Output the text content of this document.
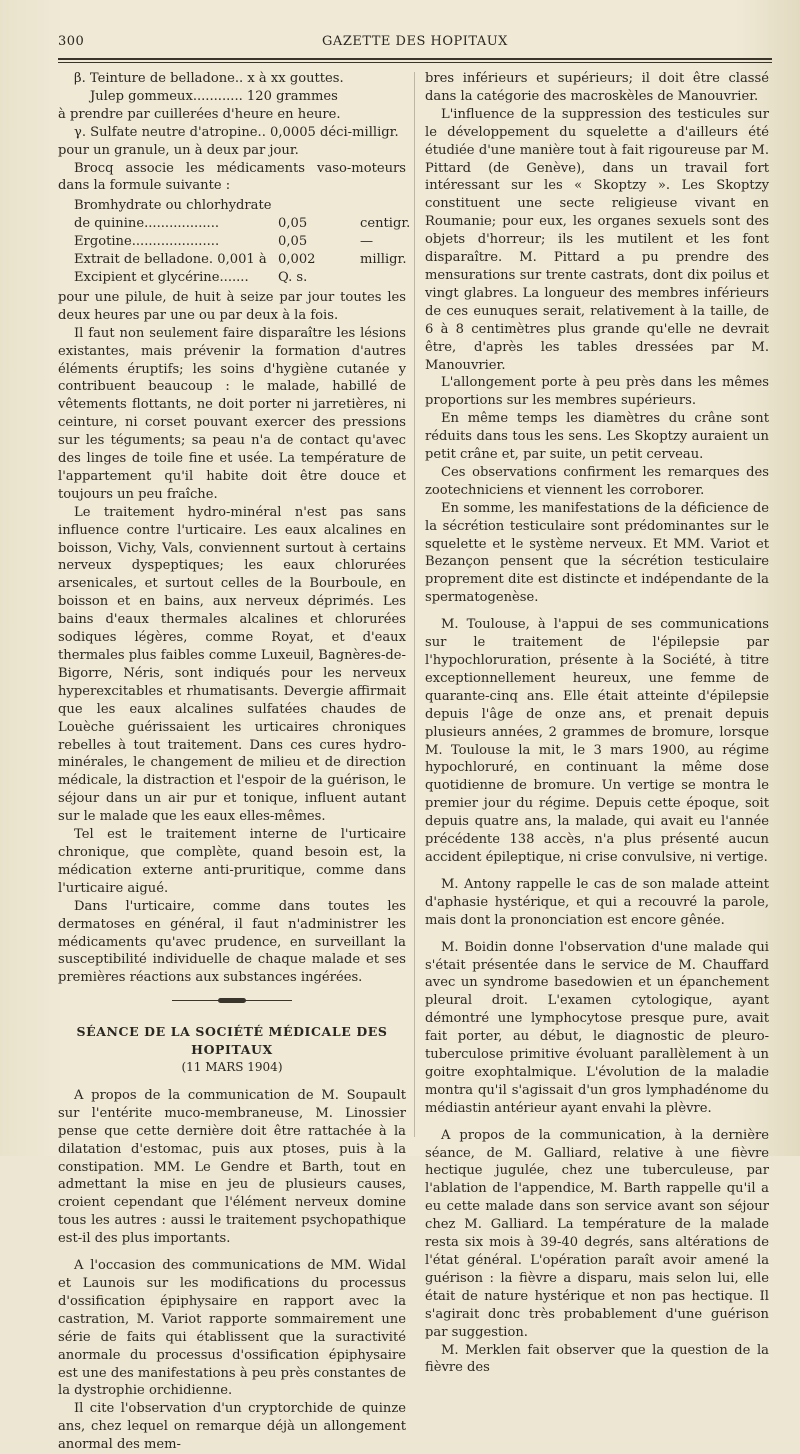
300	GAZETTE DES HOPITAUX
β. Teinture de belladone.. x à xx gouttes.
Julep gommeux............ 120 grammes
à prendre par cuillerées d'heure en heure.
γ. Sulfate neutre d'atropine.. 0,0005 déci-milligr.
pour un granule, un à deux par jour.

Brocq associe les médicaments vaso-moteurs dans la formule suivante :

Bromhydrate ou chlorhydrate
de quinine..................	0,05	centigr.
Ergotine.....................	0,05	—
Extrait de belladone. 0,001 à 0,002	milligr.
Excipient et glycérine.......	Q. s.

pour une pilule, de huit à seize par jour toutes les deux heures par une ou par deux à la fois.

Il faut non seulement faire disparaître les lésions existantes, mais prévenir la formation d'autres éléments éruptifs; les soins d'hygiène cutanée y contribuent beaucoup : le malade, habillé de vêtements flottants, ne doit porter ni jarretières, ni ceinture, ni corset pouvant exercer des pressions sur les téguments; sa peau n'a de contact qu'avec des linges de toile fine et usée. La température de l'appartement qu'il habite doit être douce et toujours un peu fraîche.

Le traitement hydro-minéral n'est pas sans influence contre l'urticaire. Les eaux alcalines en boisson, Vichy, Vals, conviennent surtout à certains nerveux dyspeptiques; les eaux chlorurées arsenicales, et surtout celles de la Bourboule, en boisson et en bains, aux nerveux déprimés. Les bains d'eaux thermales alcalines et chlorurées sodiques légères, comme Royat, et d'eaux thermales plus faibles comme Luxeuil, Bagnères-de-Bigorre, Néris, sont indiqués pour les nerveux hyperexcitables et rhumatisants. Devergie affirmait que les eaux alcalines sulfatées chaudes de Louèche guérissaient les urticaires chroniques rebelles à tout traitement. Dans ces cures hydro-minérales, le changement de milieu et de direction médicale, la distraction et l'espoir de la guérison, le séjour dans un air pur et tonique, influent autant sur le malade que les eaux elles-mêmes.

Tel est le traitement interne de l'urticaire chronique, que complète, quand besoin est, la médication externe anti-pruritique, comme dans l'urticaire aigué.

Dans l'urticaire, comme dans toutes les dermatoses en général, il faut n'administrer les médicaments qu'avec prudence, en surveillant la susceptibilité individuelle de chaque malade et ses premières réactions aux substances ingérées.

SÉANCE DE LA SOCIÉTÉ MÉDICALE DES HOPITAUX
(11 MARS 1904)

A propos de la communication de M. Soupault sur l'entérite muco-membraneuse, M. Linossier pense que cette dernière doit être rattachée à la dilatation d'estomac, puis aux ptoses, puis à la constipation. MM. Le Gendre et Barth, tout en admettant la mise en jeu de plusieurs causes, croient cependant que l'élément nerveux domine tous les autres : aussi le traitement psychopathique est-il des plus importants.

A l'occasion des communications de MM. Widal et Launois sur les modifications du processus d'ossification épiphysaire en rapport avec la castration, M. Variot rapporte sommairement une série de faits qui établissent que la suractivité anormale du processus d'ossification épiphysaire est une des manifestations à peu près constantes de la dystrophie orchidienne.

Il cite l'observation d'un cryptorchide de quinze ans, chez lequel on remarque déjà un allongement anormal des mem-

bres inférieurs et supérieurs; il doit être classé dans la catégorie des macroskèles de Manouvrier.

L'influence de la suppression des testicules sur le développement du squelette a d'ailleurs été étudiée d'une manière tout à fait rigoureuse par M. Pittard (de Genève), dans un travail fort intéressant sur les « Skoptzy ». Les Skoptzy constituent une secte religieuse vivant en Roumanie; pour eux, les organes sexuels sont des objets d'horreur; ils les mutilent et les font disparaître. M. Pittard a pu prendre des mensurations sur trente castrats, dont dix poilus et vingt glabres. La longueur des membres inférieurs de ces eunuques serait, relativement à la taille, de 6 à 8 centimètres plus grande qu'elle ne devrait être, d'après les tables dressées par M. Manouvrier.

L'allongement porte à peu près dans les mêmes proportions sur les membres supérieurs.

En même temps les diamètres du crâne sont réduits dans tous les sens. Les Skoptzy auraient un petit crâne et, par suite, un petit cerveau.

Ces observations confirment les remarques des zootechniciens et viennent les corroborer.

En somme, les manifestations de la déficience de la sécrétion testiculaire sont prédominantes sur le squelette et le système nerveux. Et MM. Variot et Bezançon pensent que la sécrétion testiculaire proprement dite est distincte et indépendante de la spermatogenèse.

M. Toulouse, à l'appui de ses communications sur le traitement de l'épilepsie par l'hypochloruration, présente à la Société, à titre exceptionnellement heureux, une femme de quarante-cinq ans. Elle était atteinte d'épilepsie depuis l'âge de onze ans, et prenait depuis plusieurs années, 2 grammes de bromure, lorsque M. Toulouse la mit, le 3 mars 1900, au régime hypochloruré, en continuant la même dose quotidienne de bromure. Un vertige se montra le premier jour du régime. Depuis cette époque, soit depuis quatre ans, la malade, qui avait eu l'année précédente 138 accès, n'a plus présenté aucun accident épileptique, ni crise convulsive, ni vertige.

M. Antony rappelle le cas de son malade atteint d'aphasie hystérique, et qui a recouvré la parole, mais dont la prononciation est encore gênée.

M. Boidin donne l'observation d'une malade qui s'était présentée dans le service de M. Chauffard avec un syndrome basedowien et un épanchement pleural droit. L'examen cytologique, ayant démontré une lymphocytose presque pure, avait fait porter, au début, le diagnostic de pleuro-tuberculose primitive évoluant parallèlement à un goitre exophtalmique. L'évolution de la maladie montra qu'il s'agissait d'un gros lymphadénome du médiastin antérieur ayant envahi la plèvre.

A propos de la communication, à la dernière séance, de M. Galliard, relative à une fièvre hectique jugulée, chez une tuberculeuse, par l'ablation de l'appendice, M. Barth rappelle qu'il a eu cette malade dans son service avant son séjour chez M. Galliard. La température de la malade resta six mois à 39-40 degrés, sans altérations de l'état général. L'opération paraît avoir amené la guérison : la fièvre a disparu, mais selon lui, elle était de nature hystérique et non pas hectique. Il s'agirait donc très probablement d'une guérison par suggestion.

M. Merklen fait observer que la question de la fièvre des
